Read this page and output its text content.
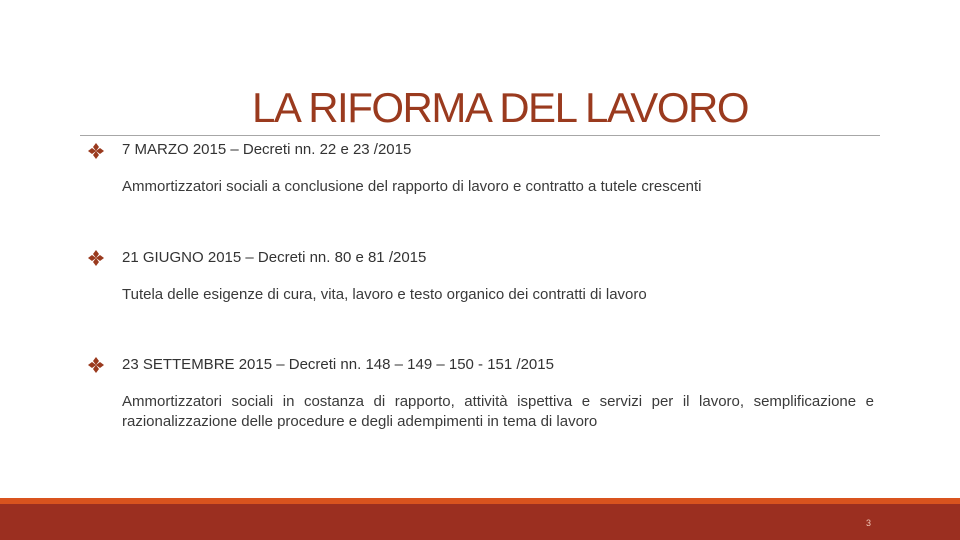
LA RIFORMA DEL LAVORO
7 MARZO 2015 – Decreti nn. 22 e 23 /2015
Ammortizzatori sociali a conclusione del rapporto di lavoro e contratto a tutele crescenti
21 GIUGNO 2015 – Decreti nn. 80 e 81 /2015
Tutela delle esigenze di cura, vita, lavoro e testo organico dei contratti di lavoro
23 SETTEMBRE 2015 – Decreti nn. 148 – 149 – 150 - 151 /2015
Ammortizzatori sociali in costanza di rapporto, attività ispettiva e servizi per il lavoro, semplificazione e razionalizzazione delle procedure e degli adempimenti in tema di lavoro
3
